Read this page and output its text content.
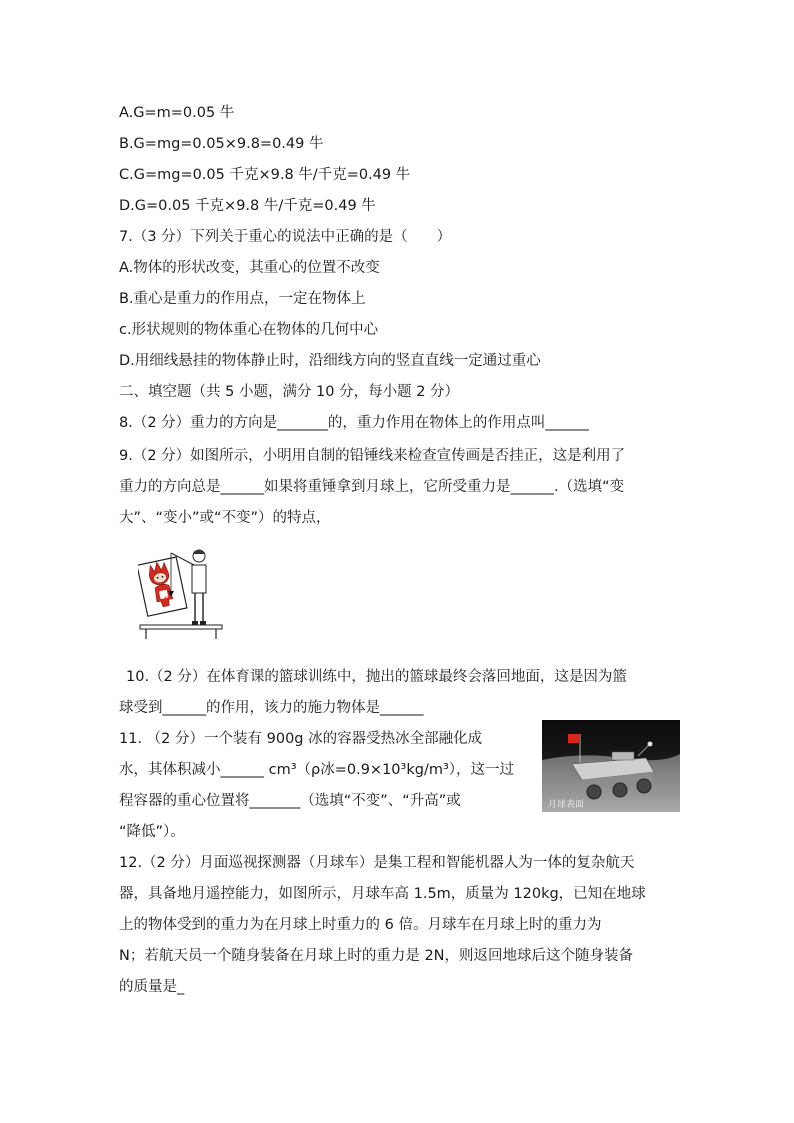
A.G=m=0.05 牛
B.G=mg=0.05×9.8=0.49 牛
C.G=mg=0.05 千克×9.8 牛/千克=0.49 牛
D.G=0.05 千克×9.8 牛/千克=0.49 牛
7.（3 分）下列关于重心的说法中正确的是（　　）
A.物体的形状改变，其重心的位置不改变
B.重心是重力的作用点，一定在物体上
c.形状规则的物体重心在物体的几何中心
D.用细线悬挂的物体静止时，沿细线方向的竖直直线一定通过重心
二、填空题（共 5 小题，满分 10 分，每小题 2 分）
8.（2 分）重力的方向是_______的，重力作用在物体上的作用点叫______
9.（2 分）如图所示，小明用自制的铅锤线来检查宣传画是否挂正，这是利用了
重力的方向总是______如果将重锤拿到月球上，它所受重力是______.（选填“变
大”、“变小”或“不变”）的特点，
8
10.（2 分）在体育课的篮球训练中，抛出的篮球最终会落回地面，这是因为篮
球受到______的作用，该力的施力物体是______
11. （2 分）一个装有 900g 冰的容器受热冰全部融化成
水，其体积减小______ cm³（ρ冰=0.9×10³kg/m³），这一过
程容器的重心位置将_______（选填“不变”、“升高”或
“降低”）。
月球表面
12.（2 分）月面巡视探测器（月球车）是集工程和智能机器人为一体的复杂航天
器，具备地月遥控能力，如图所示，月球车高 1.5m，质量为 120kg，已知在地球
上的物体受到的重力为在月球上时重力的 6 倍。月球车在月球上时的重力为
N；若航天员一个随身装备在月球上时的重力是 2N，则返回地球后这个随身装备
的质量是_
